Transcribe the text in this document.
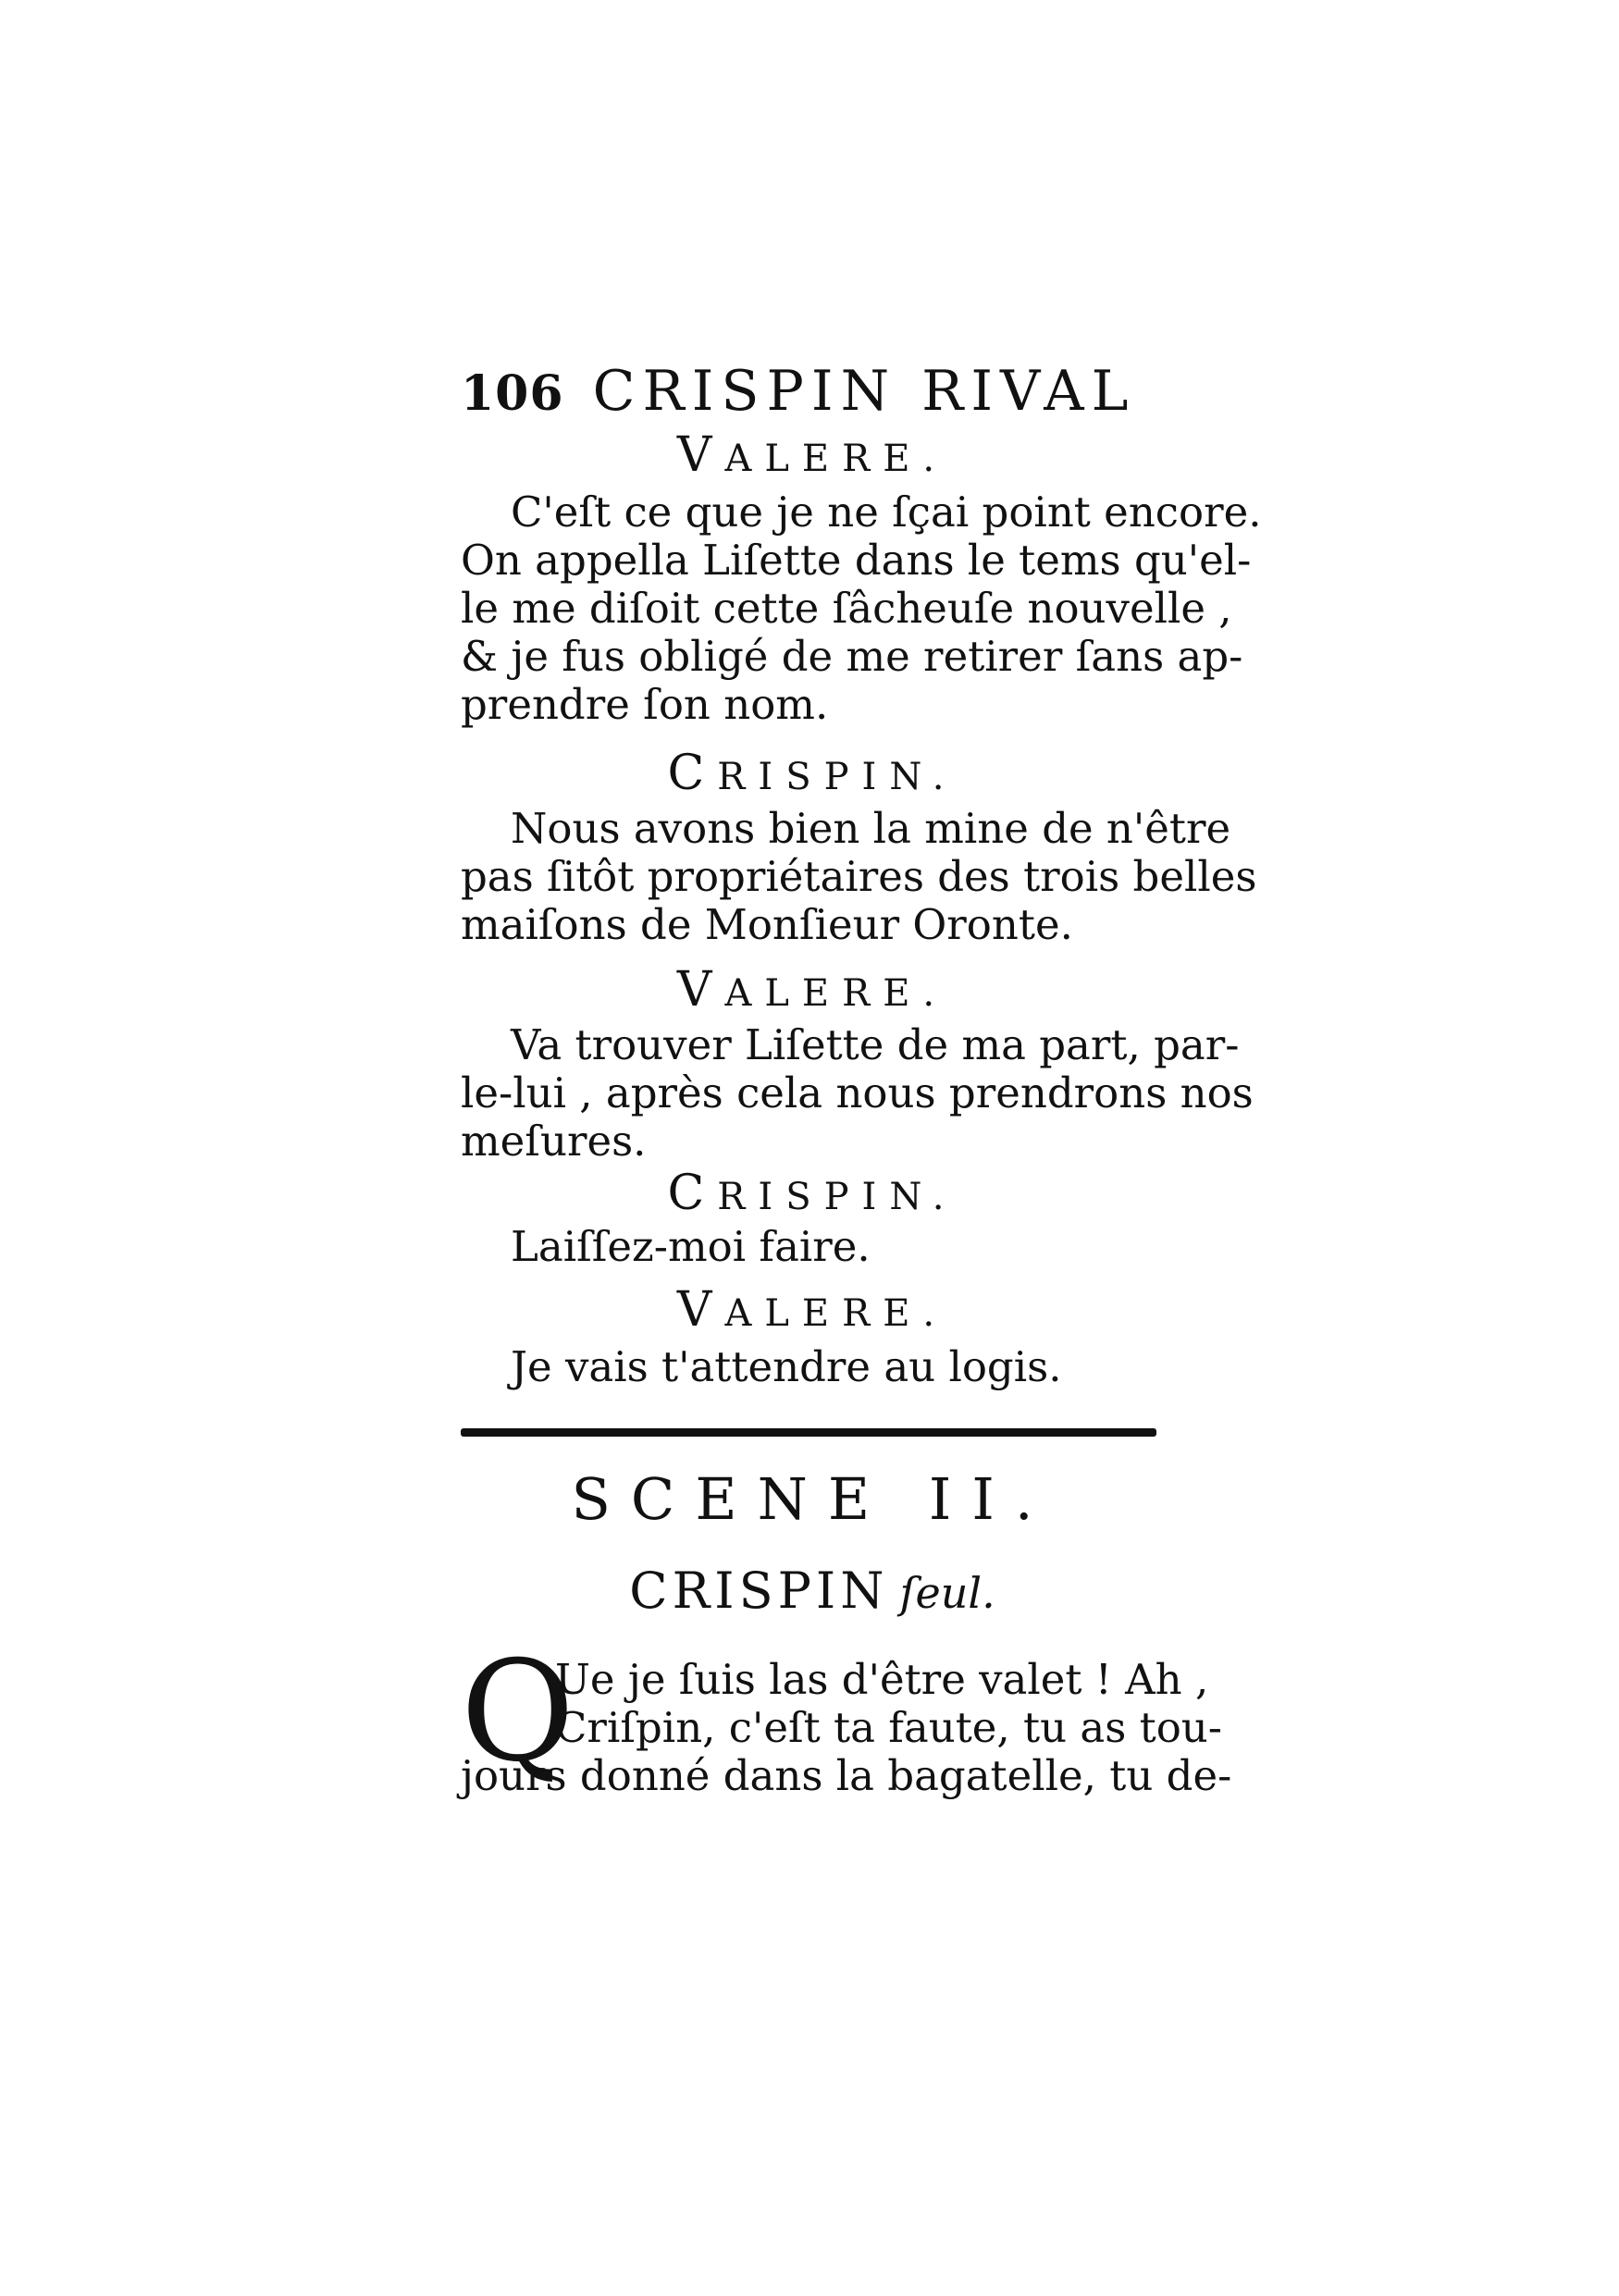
106 CRISPIN RIVAL
VALERE.
C'eſt ce que je ne ſçai point encore.
On appella Liſette dans le tems qu'el-
le me diſoit cette ſâcheuſe nouvelle ,
& je fus obligé de me retirer ſans ap-
prendre ſon nom.
CRISPIN.
Nous avons bien la mine de n'être
pas ſitôt propriétaires des trois belles
maiſons de Monſieur Oronte.
VALERE.
Va trouver Liſette de ma part, par-
le-lui , après cela nous prendrons nos
meſures.
CRISPIN.
Laiſſez-moi faire.
VALERE.
Je vais t'attendre au logis.
SCENE II.
CRISPIN ſeul.
Q
Ue je ſuis las d'être valet ! Ah ,
Criſpin, c'eſt ta faute, tu as tou-
jours donné dans la bagatelle, tu de-
